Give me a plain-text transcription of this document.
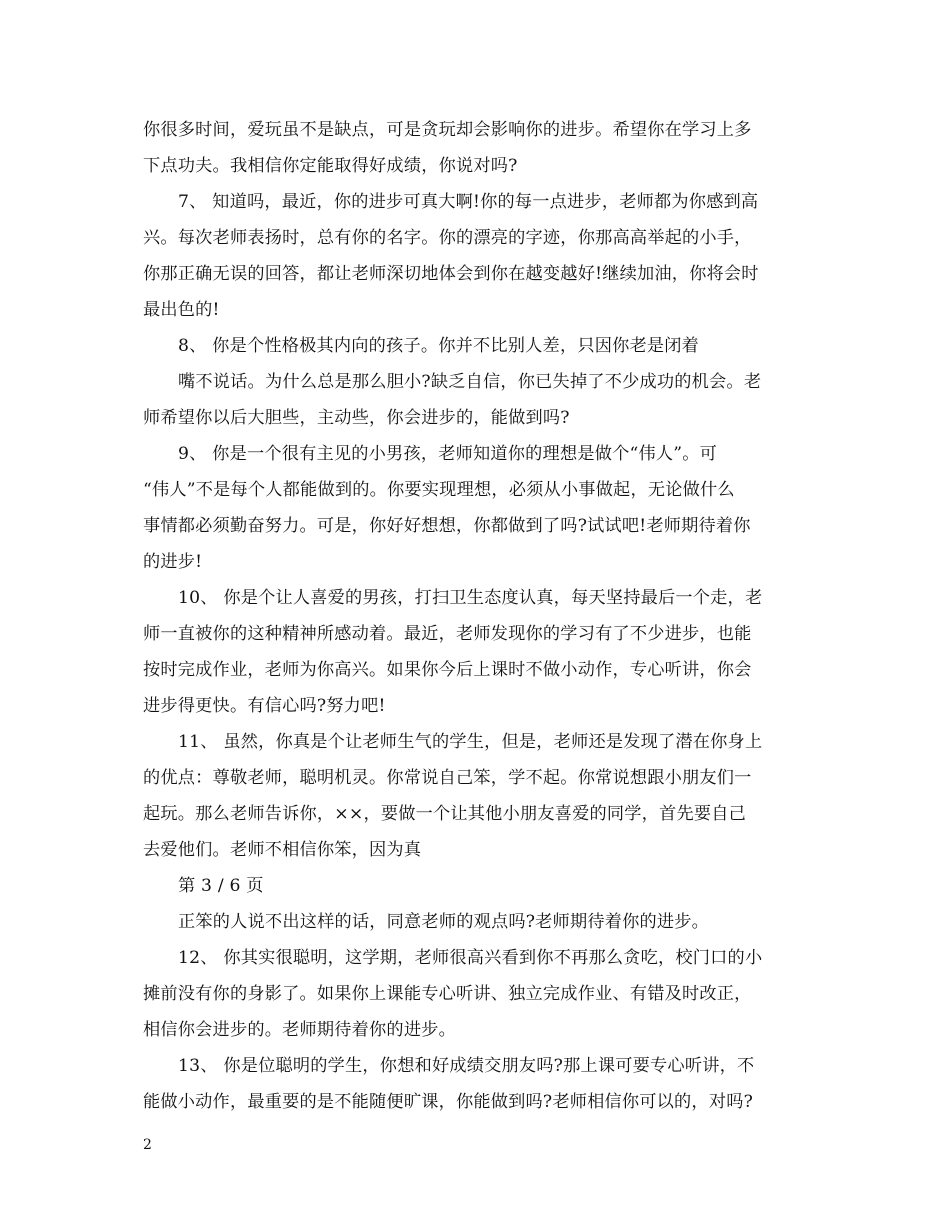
你很多时间，爱玩虽不是缺点，可是贪玩却会影响你的进步。希望你在学习上多
下点功夫。我相信你定能取得好成绩，你说对吗?
7、 知道吗，最近，你的进步可真大啊!你的每一点进步，老师都为你感到高
兴。每次老师表扬时，总有你的名字。你的漂亮的字迹，你那高高举起的小手，
你那正确无误的回答，都让老师深切地体会到你在越变越好!继续加油，你将会时
最出色的!
8、 你是个性格极其内向的孩子。你并不比别人差，只因你老是闭着
嘴不说话。为什么总是那么胆小?缺乏自信，你已失掉了不少成功的机会。老
师希望你以后大胆些，主动些，你会进步的，能做到吗?
9、 你是一个很有主见的小男孩，老师知道你的理想是做个“伟人”。可
“伟人”不是每个人都能做到的。你要实现理想，必须从小事做起，无论做什么
事情都必须勤奋努力。可是，你好好想想，你都做到了吗?试试吧!老师期待着你
的进步!
10、 你是个让人喜爱的男孩，打扫卫生态度认真，每天坚持最后一个走，老
师一直被你的这种精神所感动着。最近，老师发现你的学习有了不少进步，也能
按时完成作业，老师为你高兴。如果你今后上课时不做小动作，专心听讲，你会
进步得更快。有信心吗?努力吧!
11、 虽然，你真是个让老师生气的学生，但是，老师还是发现了潜在你身上
的优点：尊敬老师，聪明机灵。你常说自己笨，学不起。你常说想跟小朋友们一
起玩。那么老师告诉你，××，要做一个让其他小朋友喜爱的同学，首先要自己
去爱他们。老师不相信你笨，因为真
第 3 / 6 页
正笨的人说不出这样的话，同意老师的观点吗?老师期待着你的进步。
12、 你其实很聪明，这学期，老师很高兴看到你不再那么贪吃，校门口的小
摊前没有你的身影了。如果你上课能专心听讲、独立完成作业、有错及时改正，
相信你会进步的。老师期待着你的进步。
13、 你是位聪明的学生，你想和好成绩交朋友吗?那上课可要专心听讲，不
能做小动作，最重要的是不能随便旷课，你能做到吗?老师相信你可以的，对吗?
2
